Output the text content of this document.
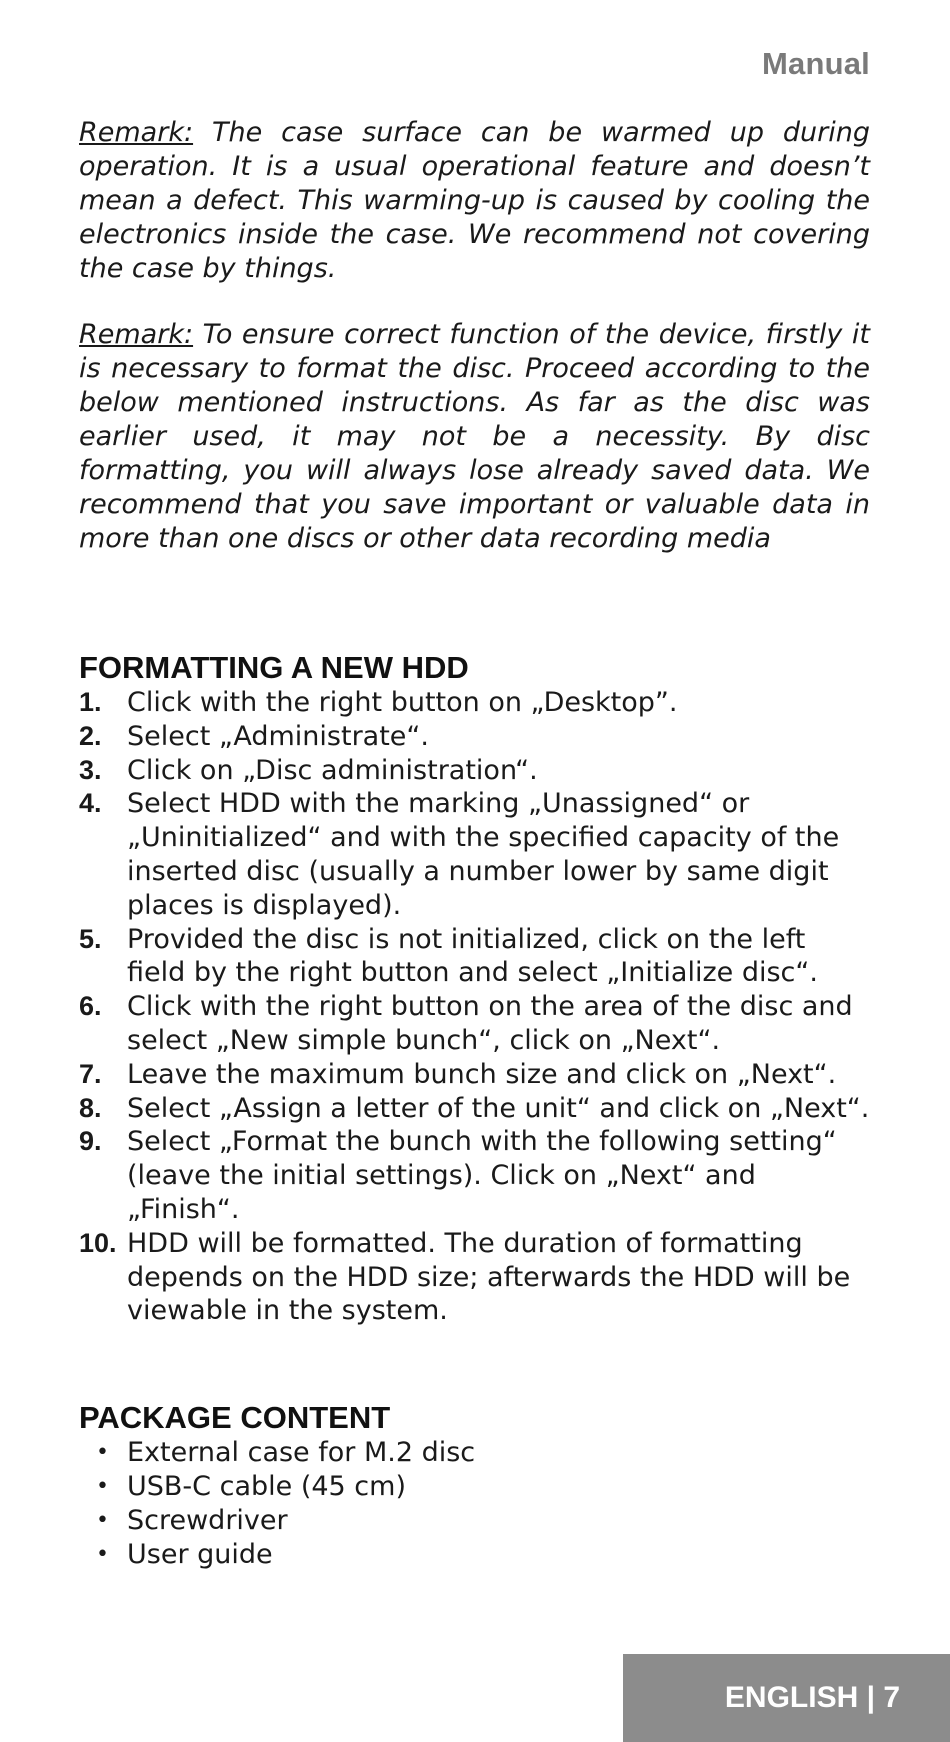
Manual

Remark: The case surface can be warmed up during operation. It is a usual operational feature and doesn’t mean a defect. This warming-up is caused by cooling the electronics inside the case. We recommend not covering the case by things.

Remark: To ensure correct function of the device, firstly it is necessary to format the disc. Proceed according to the below mentioned instructions. As far as the disc was earlier used, it may not be a necessity. By disc formatting, you will always lose already saved data. We recommend that you save important or valuable data in more than one discs or other data recording media

FORMATTING A NEW HDD
1. Click with the right button on „Desktop”.
2. Select „Administrate“.
3. Click on „Disc administration“.
4. Select HDD with the marking „Unassigned“ or „Uninitialized“ and with the specified capacity of the inserted disc (usually a number lower by same digit places is displayed).
5. Provided the disc is not initialized, click on the left field by the right button and select „Initialize disc“.
6. Click with the right button on the area of the disc and select „New simple bunch“, click on „Next“.
7. Leave the maximum bunch size and click on „Next“.
8. Select „Assign a letter of the unit“ and click on „Next“.
9. Select „Format the bunch with the following setting“ (leave the initial settings). Click on „Next“ and „Finish“.
10. HDD will be formatted. The duration of formatting depends on the HDD size; afterwards the HDD will be viewable in the system.
PACKAGE CONTENT
• External case for M.2 disc
• USB-C cable (45 cm)
• Screwdriver
• User guide
ENGLISH | 7
